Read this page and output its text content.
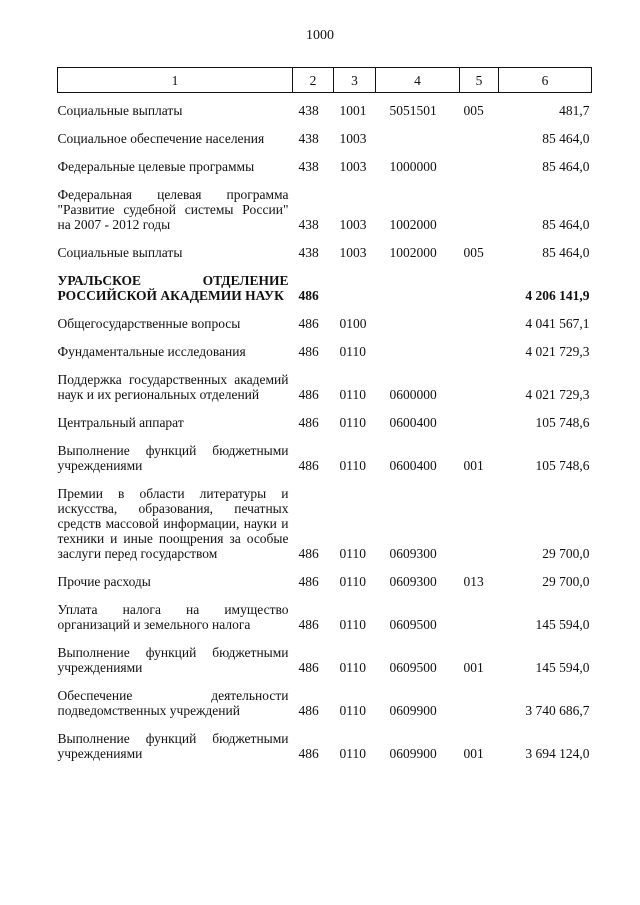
1000
1	2	3	4	5	6
Социальные выплаты	438	1001	5051501	005	481,7
Социальное обеспечение населения	438	1003			85 464,0
Федеральные целевые программы	438	1003	1000000		85 464,0
Федеральная целевая программа "Развитие судебной системы России" на 2007 - 2012 годы	438	1003	1002000		85 464,0
Социальные выплаты	438	1003	1002000	005	85 464,0
УРАЛЬСКОЕ ОТДЕЛЕНИЕ РОССИЙСКОЙ АКАДЕМИИ НАУК	486				4 206 141,9
Общегосударственные вопросы	486	0100			4 041 567,1
Фундаментальные исследования	486	0110			4 021 729,3
Поддержка государственных академий наук и их региональных отделений	486	0110	0600000		4 021 729,3
Центральный аппарат	486	0110	0600400		105 748,6
Выполнение функций бюджетными учреждениями	486	0110	0600400	001	105 748,6
Премии в области литературы и искусства, образования, печатных средств массовой информации, науки и техники и иные поощрения за особые заслуги перед государством	486	0110	0609300		29 700,0
Прочие расходы	486	0110	0609300	013	29 700,0
Уплата налога на имущество организаций и земельного налога	486	0110	0609500		145 594,0
Выполнение функций бюджетными учреждениями	486	0110	0609500	001	145 594,0
Обеспечение деятельности подведомственных учреждений	486	0110	0609900		3 740 686,7
Выполнение функций бюджетными учреждениями	486	0110	0609900	001	3 694 124,0
